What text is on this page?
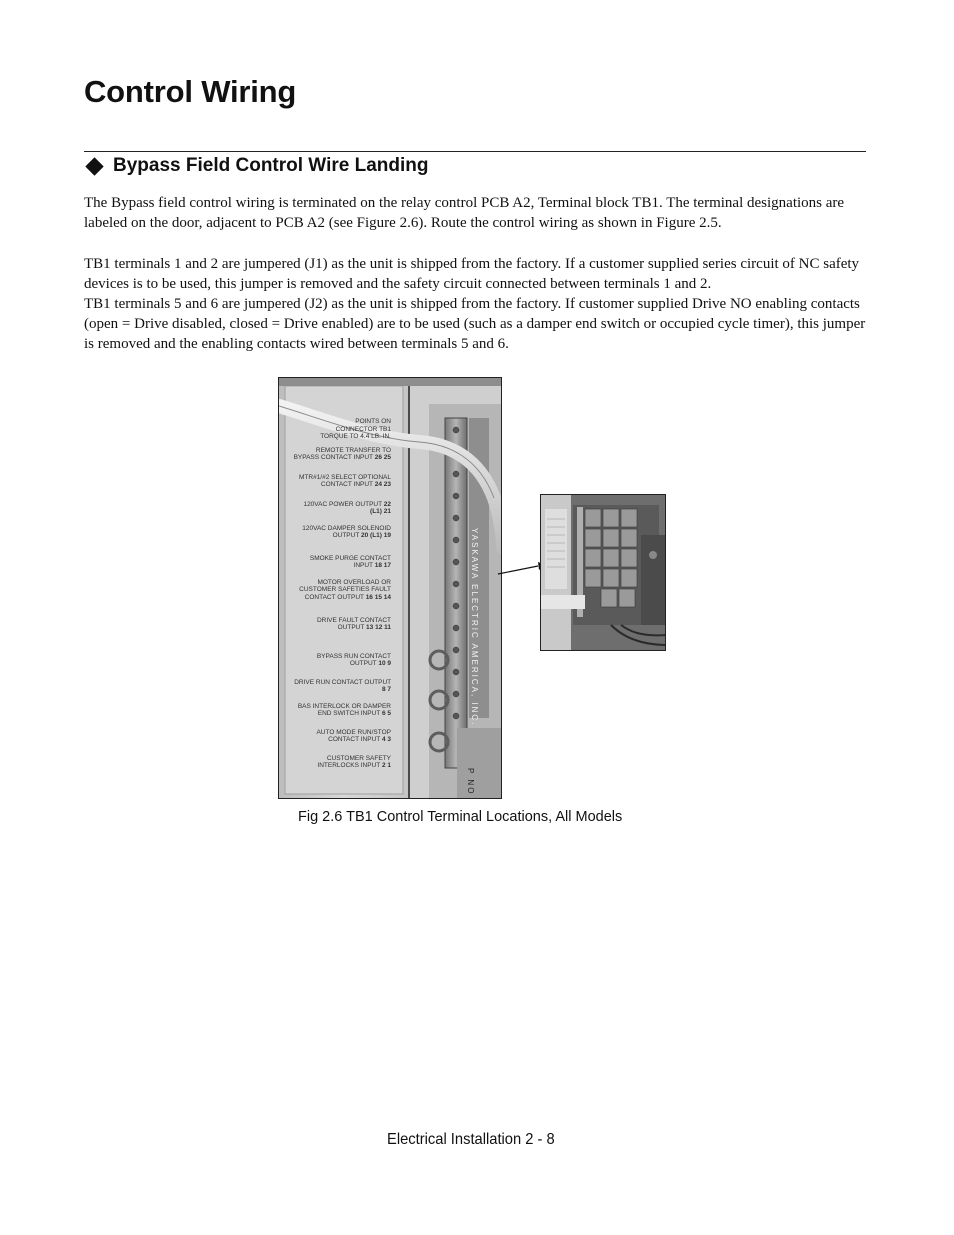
Control Wiring
Bypass Field Control Wire Landing

The Bypass field control wiring is terminated on the relay control PCB A2, Terminal block TB1. The terminal designations are labeled on the door, adjacent to PCB A2 (see Figure 2.6). Route the control wiring as shown in Figure 2.5.

TB1 terminals 1 and 2 are jumpered (J1) as the unit is shipped from the factory. If a customer supplied series circuit of NC safety devices is to be used, this jumper is removed and the safety circuit connected between terminals 1 and 2.

TB1 terminals 5 and 6 are jumpered (J2) as the unit is shipped from the factory. If customer supplied Drive NO enabling contacts (open = Drive disabled, closed = Drive enabled) are to be used (such as a damper end switch or occupied cycle timer), this jumper is removed and the enabling contacts wired between terminals 5 and 6.

POINTS ON
CONNECTOR TB1
TORQUE TO 4.4 LB. IN.
REMOTE TRANSFER TO BYPASS CONTACT INPUT 26 25
MTR#1/#2 SELECT OPTIONAL CONTACT INPUT 24 23
120VAC POWER OUTPUT 22 (L1) 21
120VAC DAMPER SOLENOID OUTPUT 20 (L1) 19
SMOKE PURGE CONTACT INPUT 18 17
MOTOR OVERLOAD OR CUSTOMER SAFETIES FAULT CONTACT OUTPUT 16 15 14
DRIVE FAULT CONTACT OUTPUT 13 12 11
BYPASS RUN CONTACT OUTPUT 10 9
DRIVE RUN CONTACT OUTPUT 8 7
BAS INTERLOCK OR DAMPER END SWITCH INPUT 6 5
AUTO MODE RUN/STOP CONTACT INPUT 4 3
CUSTOMER SAFETY INTERLOCKS INPUT 2 1
YASKAWA ELECTRIC AMERICA, INC.
P NO

Fig 2.6 TB1 Control Terminal Locations, All Models

Electrical Installation 2 - 8
